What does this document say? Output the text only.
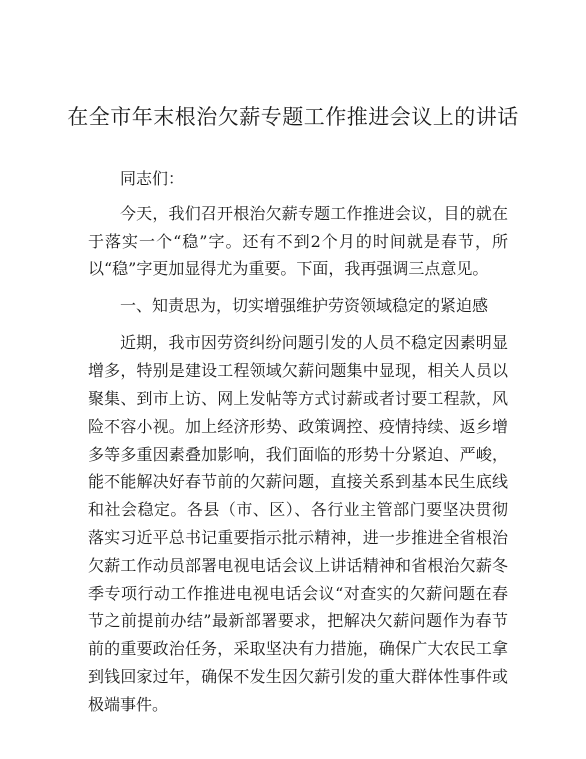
在全市年末根治欠薪专题工作推进会议上的讲话

同志们：

今天，我们召开根治欠薪专题工作推进会议，目的就在于落实一个“稳”字。还有不到2个月的时间就是春节，所以“稳”字更加显得尤为重要。下面，我再强调三点意见。

一、知责思为，切实增强维护劳资领域稳定的紧迫感

近期，我市因劳资纠纷问题引发的人员不稳定因素明显增多，特别是建设工程领域欠薪问题集中显现，相关人员以聚集、到市上访、网上发帖等方式讨薪或者讨要工程款，风险不容小视。加上经济形势、政策调控、疫情持续、返乡增多等多重因素叠加影响，我们面临的形势十分紧迫、严峻，能不能解决好春节前的欠薪问题，直接关系到基本民生底线和社会稳定。各县（市、区）、各行业主管部门要坚决贯彻落实习近平总书记重要指示批示精神，进一步推进全省根治欠薪工作动员部署电视电话会议上讲话精神和省根治欠薪冬季专项行动工作推进电视电话会议“对查实的欠薪问题在春节之前提前办结”最新部署要求，把解决欠薪问题作为春节前的重要政治任务，采取坚决有力措施，确保广大农民工拿到钱回家过年，确保不发生因欠薪引发的重大群体性事件或极端事件。
